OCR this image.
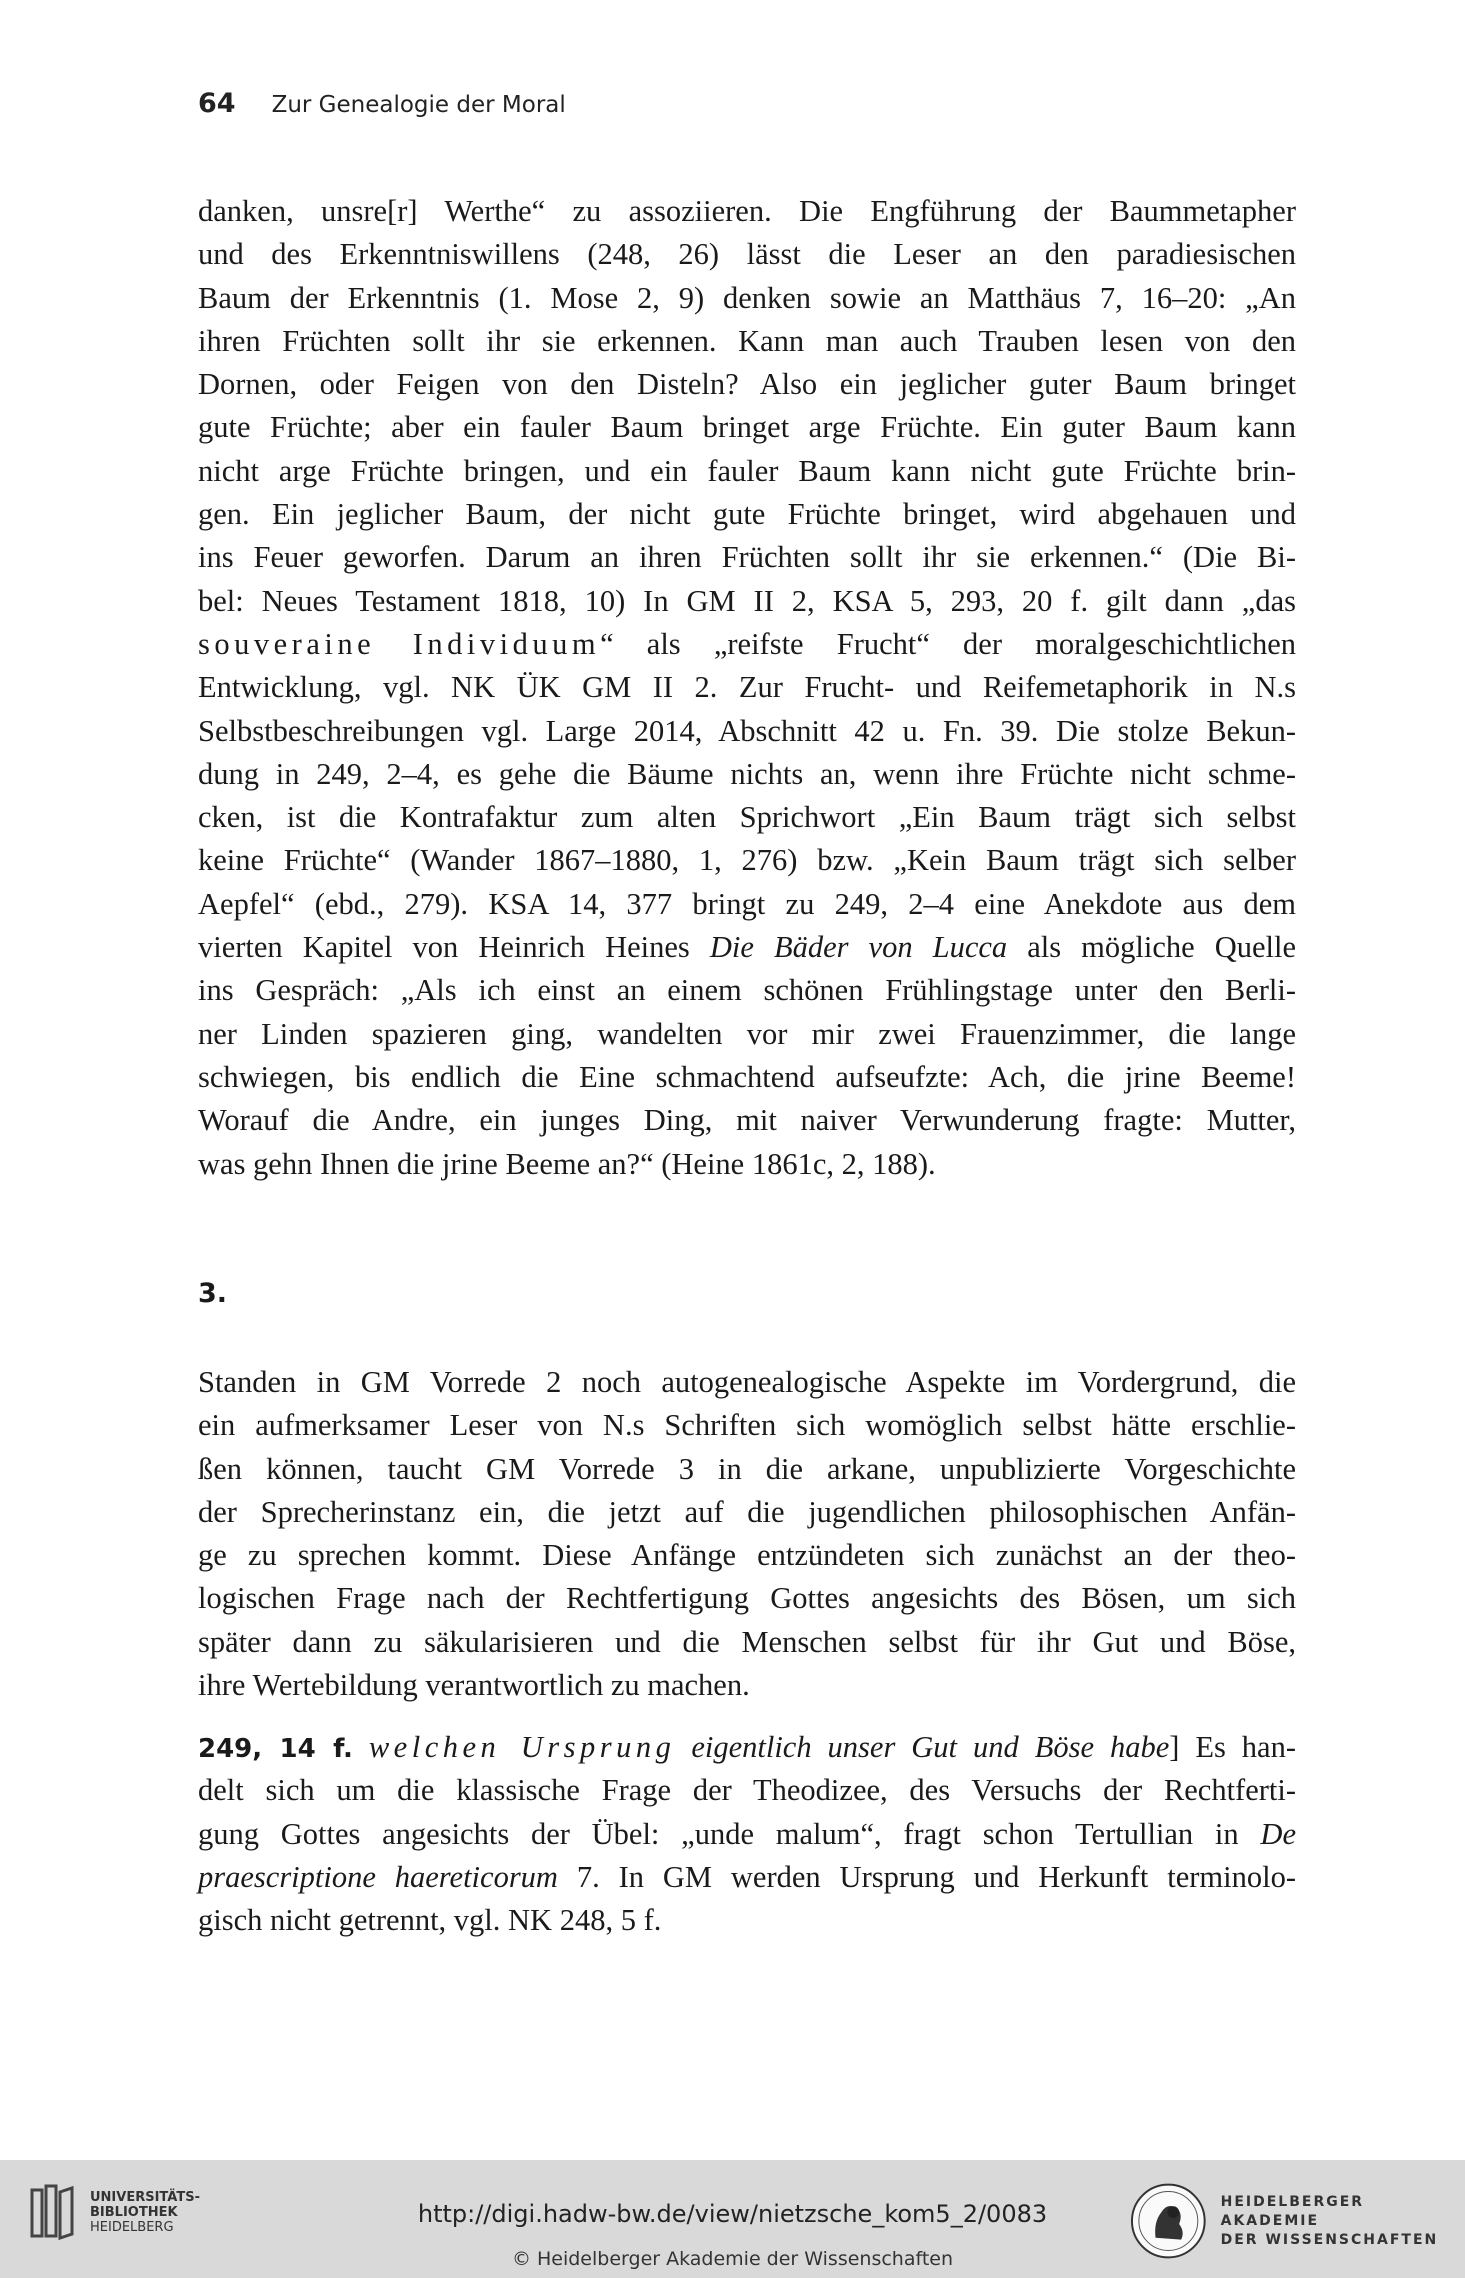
64 Zur Genealogie der Moral
danken, unsre[r] Werthe“ zu assoziieren. Die Engführung der Baummetapher
und des Erkenntniswillens (248, 26) lässt die Leser an den paradiesischen
Baum der Erkenntnis (1. Mose 2, 9) denken sowie an Matthäus 7, 16–20: „An
ihren Früchten sollt ihr sie erkennen. Kann man auch Trauben lesen von den
Dornen, oder Feigen von den Disteln? Also ein jeglicher guter Baum bringet
gute Früchte; aber ein fauler Baum bringet arge Früchte. Ein guter Baum kann
nicht arge Früchte bringen, und ein fauler Baum kann nicht gute Früchte brin-
gen. Ein jeglicher Baum, der nicht gute Früchte bringet, wird abgehauen und
ins Feuer geworfen. Darum an ihren Früchten sollt ihr sie erkennen.“ (Die Bi-
bel: Neues Testament 1818, 10) In GM II 2, KSA 5, 293, 20 f. gilt dann „das
souveraine Individuum“ als „reifste Frucht“ der moralgeschichtlichen
Entwicklung, vgl. NK ÜK GM II 2. Zur Frucht- und Reifemetaphorik in N.s
Selbstbeschreibungen vgl. Large 2014, Abschnitt 42 u. Fn. 39. Die stolze Bekun-
dung in 249, 2–4, es gehe die Bäume nichts an, wenn ihre Früchte nicht schme-
cken, ist die Kontrafaktur zum alten Sprichwort „Ein Baum trägt sich selbst
keine Früchte“ (Wander 1867–1880, 1, 276) bzw. „Kein Baum trägt sich selber
Aepfel“ (ebd., 279). KSA 14, 377 bringt zu 249, 2–4 eine Anekdote aus dem
vierten Kapitel von Heinrich Heines Die Bäder von Lucca als mögliche Quelle
ins Gespräch: „Als ich einst an einem schönen Frühlingstage unter den Berli-
ner Linden spazieren ging, wandelten vor mir zwei Frauenzimmer, die lange
schwiegen, bis endlich die Eine schmachtend aufseufzte: Ach, die jrine Beeme!
Worauf die Andre, ein junges Ding, mit naiver Verwunderung fragte: Mutter,
was gehn Ihnen die jrine Beeme an?“ (Heine 1861c, 2, 188).
3.
Standen in GM Vorrede 2 noch autogenealogische Aspekte im Vordergrund, die
ein aufmerksamer Leser von N.s Schriften sich womöglich selbst hätte erschlie-
ßen können, taucht GM Vorrede 3 in die arkane, unpublizierte Vorgeschichte
der Sprecherinstanz ein, die jetzt auf die jugendlichen philosophischen Anfän-
ge zu sprechen kommt. Diese Anfänge entzündeten sich zunächst an der theo-
logischen Frage nach der Rechtfertigung Gottes angesichts des Bösen, um sich
später dann zu säkularisieren und die Menschen selbst für ihr Gut und Böse,
ihre Wertebildung verantwortlich zu machen.
249, 14 f. welchen Ursprung eigentlich unser Gut und Böse habe] Es han-
delt sich um die klassische Frage der Theodizee, des Versuchs der Rechtferti-
gung Gottes angesichts der Übel: „unde malum“, fragt schon Tertullian in De
praescriptione haereticorum 7. In GM werden Ursprung und Herkunft terminolo-
gisch nicht getrennt, vgl. NK 248, 5 f.
UNIVERSITÄTS-
BIBLIOTHEK
HEIDELBERG	http://digi.hadw-bw.de/view/nietzsche_kom5_2/0083
© Heidelberger Akademie der Wissenschaften
HEIDELBERGER AKADEMIE
DER WISSENSCHAFTEN
